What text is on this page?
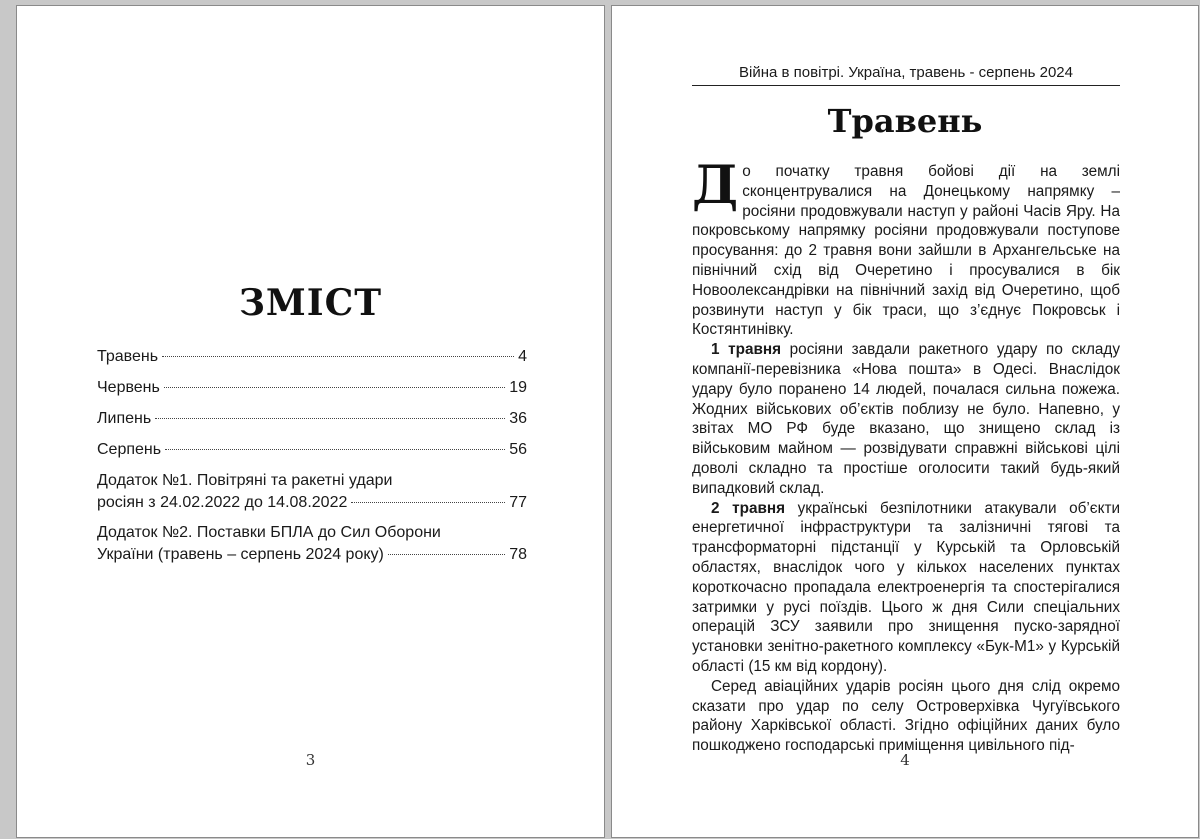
ЗМІСТ
Травень	4
Червень	19
Липень	36
Серпень	56
Додаток №1. Повітряні та ракетні удари
росіян з 24.02.2022 до 14.08.2022	77
Додаток №2. Поставки БПЛА до Сил Оборони
України (травень – серпень 2024 року)	78
3
Війна в повітрі. Україна, травень - серпень 2024
Травень

До початку травня бойові дії на землі сконцентрувалися на Донецькому напрямку – росіяни продовжували наступ у районі Часів Яру. На покровському напрямку росіяни продовжували поступове просування: до 2 травня вони зайшли в Архангельське на північний схід від Очеретино і просувалися в бік Новоолександрівки на північний захід від Очеретино, щоб розвинути наступ у бік траси, що з’єднує Покровськ і Костянтинівку.

1 травня росіяни завдали ракетного удару по складу компанії-перевізника «Нова пошта» в Одесі. Внаслідок удару було поранено 14 людей, почалася сильна пожежа. Жодних військових об’єктів поблизу не було. Напевно, у звітах МО РФ буде вказано, що знищено склад із військовим майном — розвідувати справжні військові цілі доволі складно та простіше оголосити такий будь-який випадковий склад.

2 травня українські безпілотники атакували об’єкти енергетичної інфраструктури та залізничні тягові та трансформаторні підстанції у Курській та Орловській областях, внаслідок чого у кількох населених пунктах короткочасно пропадала електроенергія та спостерігалися затримки у русі поїздів. Цього ж дня Сили спеціальних операцій ЗСУ заявили про знищення пуско-зарядної установки зенітно-ракетного комплексу «Бук-М1» у Курській області (15 км від кордону).

Серед авіаційних ударів росіян цього дня слід окремо сказати про удар по селу Островерхівка Чугуївського району Харківської області. Згідно офіційних даних було пошкоджено господарські приміщення цивільного під-

4
